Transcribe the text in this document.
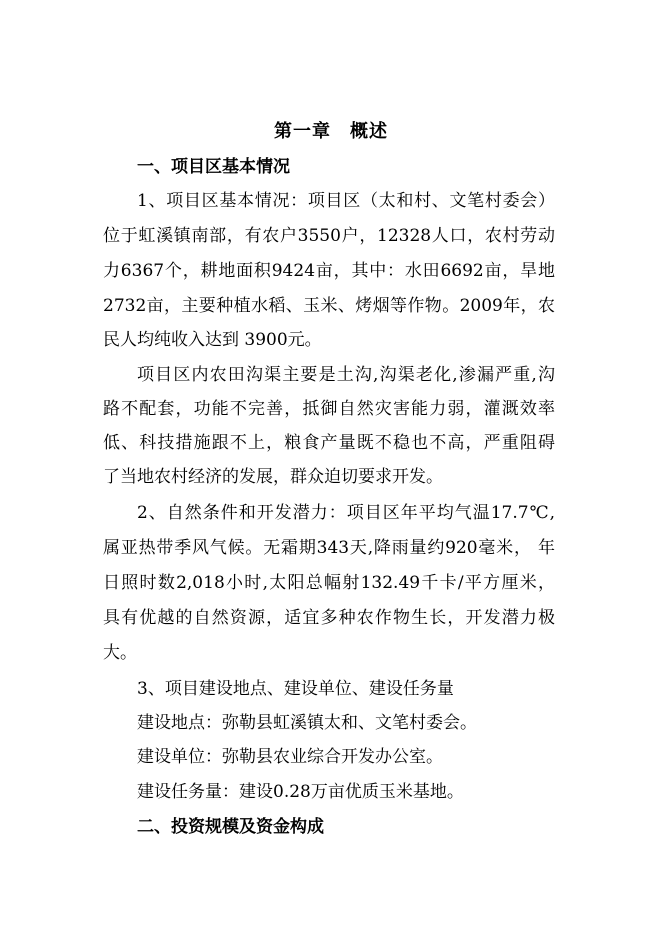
第一章　概述
一、项目区基本情况
1、项目区基本情况：项目区（太和村、文笔村委会）
位于虹溪镇南部，有农户3550户，12328人口，农村劳动
力6367个，耕地面积9424亩，其中：水田6692亩，旱地
2732亩，主要种植水稻、玉米、烤烟等作物。2009年，农
民人均纯收入达到 3900元。
项目区内农田沟渠主要是土沟,沟渠老化,渗漏严重,沟
路不配套，功能不完善，抵御自然灾害能力弱，灌溉效率
低、科技措施跟不上，粮食产量既不稳也不高，严重阻碍
了当地农村经济的发展，群众迫切要求开发。
2、自然条件和开发潜力：项目区年平均气温17.7℃,
属亚热带季风气候。无霜期343天,降雨量约920毫米， 年
日照时数2,018小时,太阳总幅射132.49千卡/平方厘米，
具有优越的自然资源，适宜多种农作物生长，开发潜力极
大。
3、项目建设地点、建设单位、建设任务量
建设地点：弥勒县虹溪镇太和、文笔村委会。
建设单位：弥勒县农业综合开发办公室。
建设任务量：建设0.28万亩优质玉米基地。
二、投资规模及资金构成
